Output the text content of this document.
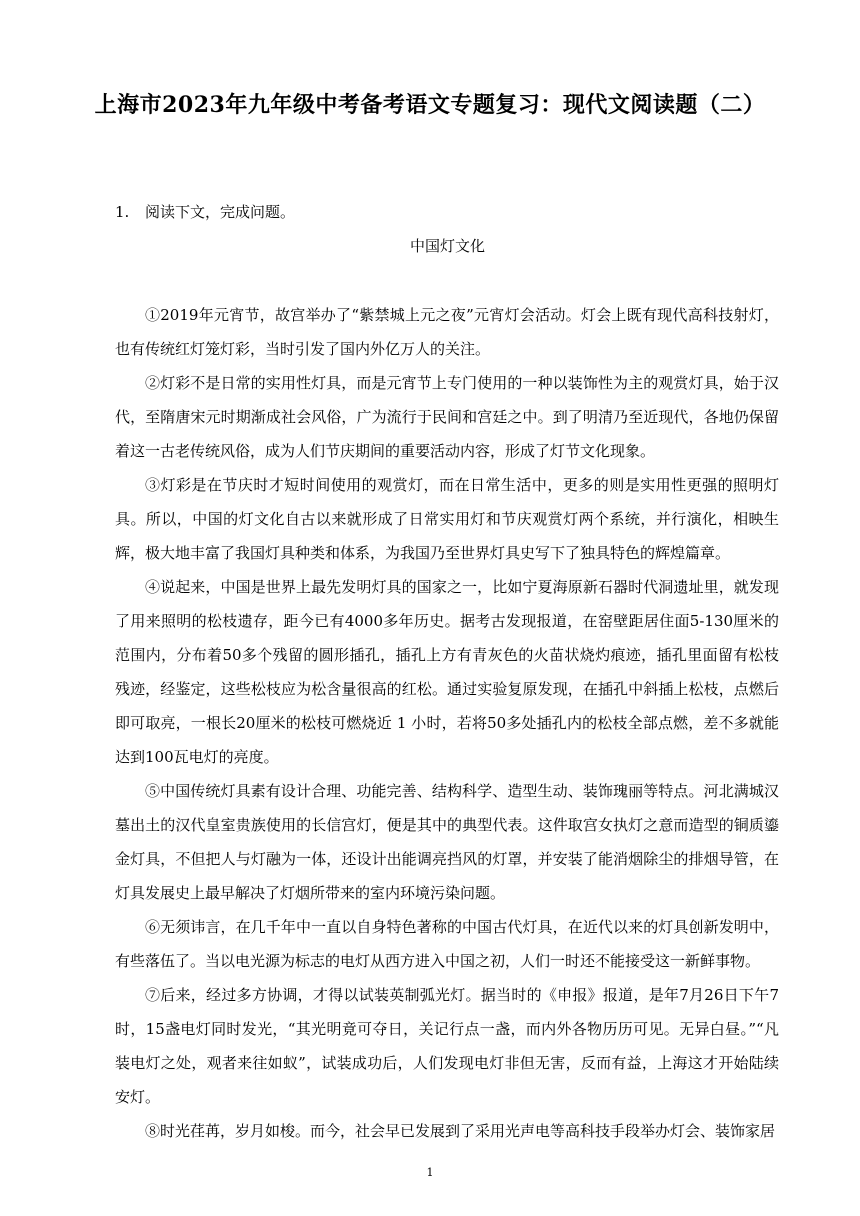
上海市2023年九年级中考备考语文专题复习：现代文阅读题（二）
1. 阅读下文，完成问题。
中国灯文化

①2019年元宵节，故宫举办了“紫禁城上元之夜”元宵灯会活动。灯会上既有现代高科技射灯，也有传统红灯笼灯彩，当时引发了国内外亿万人的关注。

②灯彩不是日常的实用性灯具，而是元宵节上专门使用的一种以装饰性为主的观赏灯具，始于汉代，至隋唐宋元时期渐成社会风俗，广为流行于民间和宫廷之中。到了明清乃至近现代，各地仍保留着这一古老传统风俗，成为人们节庆期间的重要活动内容，形成了灯节文化现象。

③灯彩是在节庆时才短时间使用的观赏灯，而在日常生活中，更多的则是实用性更强的照明灯具。所以，中国的灯文化自古以来就形成了日常实用灯和节庆观赏灯两个系统，并行演化，相映生辉，极大地丰富了我国灯具种类和体系，为我国乃至世界灯具史写下了独具特色的辉煌篇章。

④说起来，中国是世界上最先发明灯具的国家之一，比如宁夏海原新石器时代洞遗址里，就发现了用来照明的松枝遗存，距今已有4000多年历史。据考古发现报道，在窑壁距居住面5-130厘米的范围内，分布着50多个残留的圆形插孔，插孔上方有青灰色的火苗状烧灼痕迹，插孔里面留有松枝残迹，经鉴定，这些松枝应为松含量很高的红松。通过实验复原发现，在插孔中斜插上松枝，点燃后即可取亮，一根长20厘米的松枝可燃烧近 1 小时，若将50多处插孔内的松枝全部点燃，差不多就能达到100瓦电灯的亮度。

⑤中国传统灯具素有设计合理、功能完善、结构科学、造型生动、装饰瑰丽等特点。河北满城汉墓出土的汉代皇室贵族使用的长信宫灯，便是其中的典型代表。这件取宫女执灯之意而造型的铜质鎏金灯具，不但把人与灯融为一体，还设计出能调亮挡风的灯罩，并安装了能消烟除尘的排烟导管，在灯具发展史上最早解决了灯烟所带来的室内环境污染问题。

⑥无须讳言，在几千年中一直以自身特色著称的中国古代灯具，在近代以来的灯具创新发明中，有些落伍了。当以电光源为标志的电灯从西方进入中国之初，人们一时还不能接受这一新鲜事物。

⑦后来，经过多方协调，才得以试装英制弧光灯。据当时的《申报》报道，是年7月26日下午7时，15盏电灯同时发光，“其光明竟可夺日，关记行点一盏，而内外各物历历可见。无异白昼。”“凡装电灯之处，观者来往如蚁”，试装成功后，人们发现电灯非但无害，反而有益，上海这才开始陆续安灯。

⑧时光荏苒，岁月如梭。而今，社会早已发展到了采用光声电等高科技手段举办灯会、装饰家居

1
